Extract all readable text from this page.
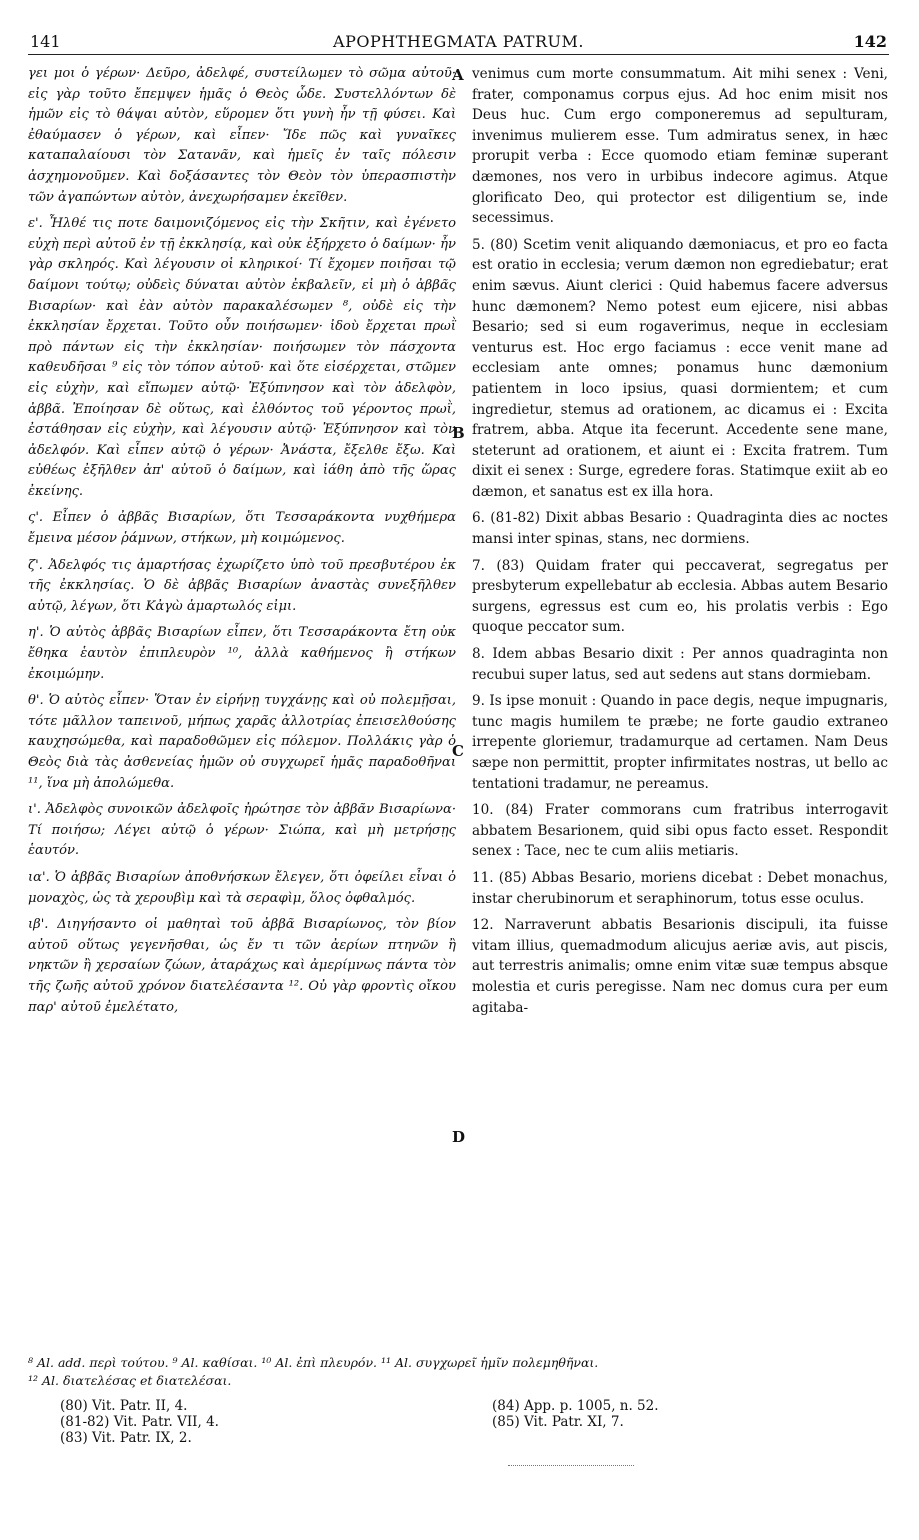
141	APOPHTHEGMATA PATRUM.	142
A
B
C
D

γει μοι ὁ γέρων· Δεῦρο, ἀδελφέ, συστείλωμεν τὸ σῶμα αὐτοῦ· εἰς γὰρ τοῦτο ἔπεμψεν ἡμᾶς ὁ Θεὸς ὧδε. Συστελλόντων δὲ ἡμῶν εἰς τὸ θάψαι αὐτὸν, εὕρομεν ὅτι γυνὴ ἦν τῇ φύσει. Καὶ ἐθαύμασεν ὁ γέρων, καὶ εἶπεν· Ἴδε πῶς καὶ γυναῖκες καταπαλαίουσι τὸν Σατανᾶν, καὶ ἡμεῖς ἐν ταῖς πόλεσιν ἀσχημονοῦμεν. Καὶ δοξάσαντες τὸν Θεὸν τὸν ὑπερασπιστὴν τῶν ἀγαπώντων αὐτὸν, ἀνεχωρήσαμεν ἐκεῖθεν.

ε'. Ἦλθέ τις ποτε δαιμονιζόμενος εἰς τὴν Σκῆτιν, καὶ ἐγένετο εὐχὴ περὶ αὐτοῦ ἐν τῇ ἐκκλησίᾳ, καὶ οὐκ ἐξήρχετο ὁ δαίμων· ἦν γὰρ σκληρός. Καὶ λέγουσιν οἱ κληρικοί· Τί ἔχομεν ποιῆσαι τῷ δαίμονι τούτῳ; οὐδεὶς δύναται αὐτὸν ἐκβαλεῖν, εἰ μὴ ὁ ἀββᾶς Βισαρίων· καὶ ἐὰν αὐτὸν παρακαλέσωμεν ⁸, οὐδὲ εἰς τὴν ἐκκλησίαν ἔρχεται. Τοῦτο οὖν ποιήσωμεν· ἰδοὺ ἔρχεται πρωῒ πρὸ πάντων εἰς τὴν ἐκκλησίαν· ποιήσωμεν τὸν πάσχοντα καθευδῆσαι ⁹ εἰς τὸν τόπον αὐτοῦ· καὶ ὅτε εἰσέρχεται, στῶμεν εἰς εὐχὴν, καὶ εἴπωμεν αὐτῷ· Ἐξύπνησον καὶ τὸν ἀδελφὸν, ἀββᾶ. Ἐποίησαν δὲ οὕτως, καὶ ἐλθόντος τοῦ γέροντος πρωῒ, ἐστάθησαν εἰς εὐχὴν, καὶ λέγουσιν αὐτῷ· Ἐξύπνησον καὶ τὸν ἀδελφόν. Καὶ εἶπεν αὐτῷ ὁ γέρων· Ἀνάστα, ἔξελθε ἔξω. Καὶ εὐθέως ἐξῆλθεν ἀπ' αὐτοῦ ὁ δαίμων, καὶ ἰάθη ἀπὸ τῆς ὥρας ἐκείνης.

ς'. Εἶπεν ὁ ἀββᾶς Βισαρίων, ὅτι Τεσσαράκοντα νυχθήμερα ἔμεινα μέσον ῥάμνων, στήκων, μὴ κοιμώμενος.

ζ'. Ἀδελφός τις ἁμαρτήσας ἐχωρίζετο ὑπὸ τοῦ πρεσβυτέρου ἐκ τῆς ἐκκλησίας. Ὁ δὲ ἀββᾶς Βισαρίων ἀναστὰς συνεξῆλθεν αὐτῷ, λέγων, ὅτι Κἀγὼ ἁμαρτωλός εἰμι.

η'. Ὁ αὐτὸς ἀββᾶς Βισαρίων εἶπεν, ὅτι Τεσσαράκοντα ἔτη οὐκ ἔθηκα ἑαυτὸν ἐπιπλευρὸν ¹⁰, ἀλλὰ καθήμενος ἢ στήκων ἐκοιμώμην.

θ'. Ὁ αὐτὸς εἶπεν· Ὅταν ἐν εἰρήνῃ τυγχάνῃς καὶ οὐ πολεμῇσαι, τότε μᾶλλον ταπεινοῦ, μήπως χαρᾶς ἀλλοτρίας ἐπεισελθούσης καυχησώμεθα, καὶ παραδοθῶμεν εἰς πόλεμον. Πολλάκις γὰρ ὁ Θεὸς διὰ τὰς ἀσθενείας ἡμῶν οὐ συγχωρεῖ ἡμᾶς παραδοθῆναι ¹¹, ἵνα μὴ ἀπολώμεθα.

ι'. Ἀδελφὸς συνοικῶν ἀδελφοῖς ἠρώτησε τὸν ἀββᾶν Βισαρίωνα· Τί ποιήσω; Λέγει αὐτῷ ὁ γέρων· Σιώπα, καὶ μὴ μετρήσῃς ἑαυτόν.

ια'. Ὁ ἀββᾶς Βισαρίων ἀποθνήσκων ἔλεγεν, ὅτι ὀφείλει εἶναι ὁ μοναχὸς, ὡς τὰ χερουβὶμ καὶ τὰ σεραφὶμ, ὅλος ὀφθαλμός.

ιβ'. Διηγήσαντο οἱ μαθηταὶ τοῦ ἀββᾶ Βισαρίωνος, τὸν βίον αὐτοῦ οὕτως γεγενῆσθαι, ὡς ἔν τι τῶν ἀερίων πτηνῶν ἢ νηκτῶν ἢ χερσαίων ζώων, ἀταράχως καὶ ἀμερίμνως πάντα τὸν τῆς ζωῆς αὐτοῦ χρόνον διατελέσαντα ¹². Οὐ γὰρ φροντὶς οἴκου παρ' αὐτοῦ ἐμελέτατο,

venimus cum morte consummatum. Ait mihi senex : Veni, frater, componamus corpus ejus. Ad hoc enim misit nos Deus huc. Cum ergo componeremus ad sepulturam, invenimus mulierem esse. Tum admiratus senex, in hæc prorupit verba : Ecce quomodo etiam feminæ superant dæmones, nos vero in urbibus indecore agimus. Atque glorificato Deo, qui protector est diligentium se, inde secessimus.

5. (80) Scetim venit aliquando dæmoniacus, et pro eo facta est oratio in ecclesia; verum dæmon non egrediebatur; erat enim sævus. Aiunt clerici : Quid habemus facere adversus hunc dæmonem? Nemo potest eum ejicere, nisi abbas Besario; sed si eum rogaverimus, neque in ecclesiam venturus est. Hoc ergo faciamus : ecce venit mane ad ecclesiam ante omnes; ponamus hunc dæmonium patientem in loco ipsius, quasi dormientem; et cum ingredietur, stemus ad orationem, ac dicamus ei : Excita fratrem, abba. Atque ita fecerunt. Accedente sene mane, steterunt ad orationem, et aiunt ei : Excita fratrem. Tum dixit ei senex : Surge, egredere foras. Statimque exiit ab eo dæmon, et sanatus est ex illa hora.

6. (81-82) Dixit abbas Besario : Quadraginta dies ac noctes mansi inter spinas, stans, nec dormiens.

7. (83) Quidam frater qui peccaverat, segregatus per presbyterum expellebatur ab ecclesia. Abbas autem Besario surgens, egressus est cum eo, his prolatis verbis : Ego quoque peccator sum.

8. Idem abbas Besario dixit : Per annos quadraginta non recubui super latus, sed aut sedens aut stans dormiebam.

9. Is ipse monuit : Quando in pace degis, neque impugnaris, tunc magis humilem te præbe; ne forte gaudio extraneo irrepente gloriemur, tradamurque ad certamen. Nam Deus sæpe non permittit, propter infirmitates nostras, ut bello ac tentationi tradamur, ne pereamus.

10. (84) Frater commorans cum fratribus interrogavit abbatem Besarionem, quid sibi opus facto esset. Respondit senex : Tace, nec te cum aliis metiaris.

11. (85) Abbas Besario, moriens dicebat : Debet monachus, instar cherubinorum et seraphinorum, totus esse oculus.

12. Narraverunt abbatis Besarionis discipuli, ita fuisse vitam illius, quemadmodum alicujus aeriæ avis, aut piscis, aut terrestris animalis; omne enim vitæ suæ tempus absque molestia et curis peregisse. Nam nec domus cura per eum agitaba-

⁸ Al. add. περὶ τούτου. ⁹ Al. καθίσαι. ¹⁰ Al. ἐπὶ πλευρόν. ¹¹ Al. συγχωρεῖ ἡμῖν πολεμηθῆναι.
¹² Al. διατελέσας et διατελέσαι.
(80) Vit. Patr. II, 4.
(81-82) Vit. Patr. VII, 4.
(83) Vit. Patr. IX, 2.
(84) App. p. 1005, n. 52.
(85) Vit. Patr. XI, 7.
